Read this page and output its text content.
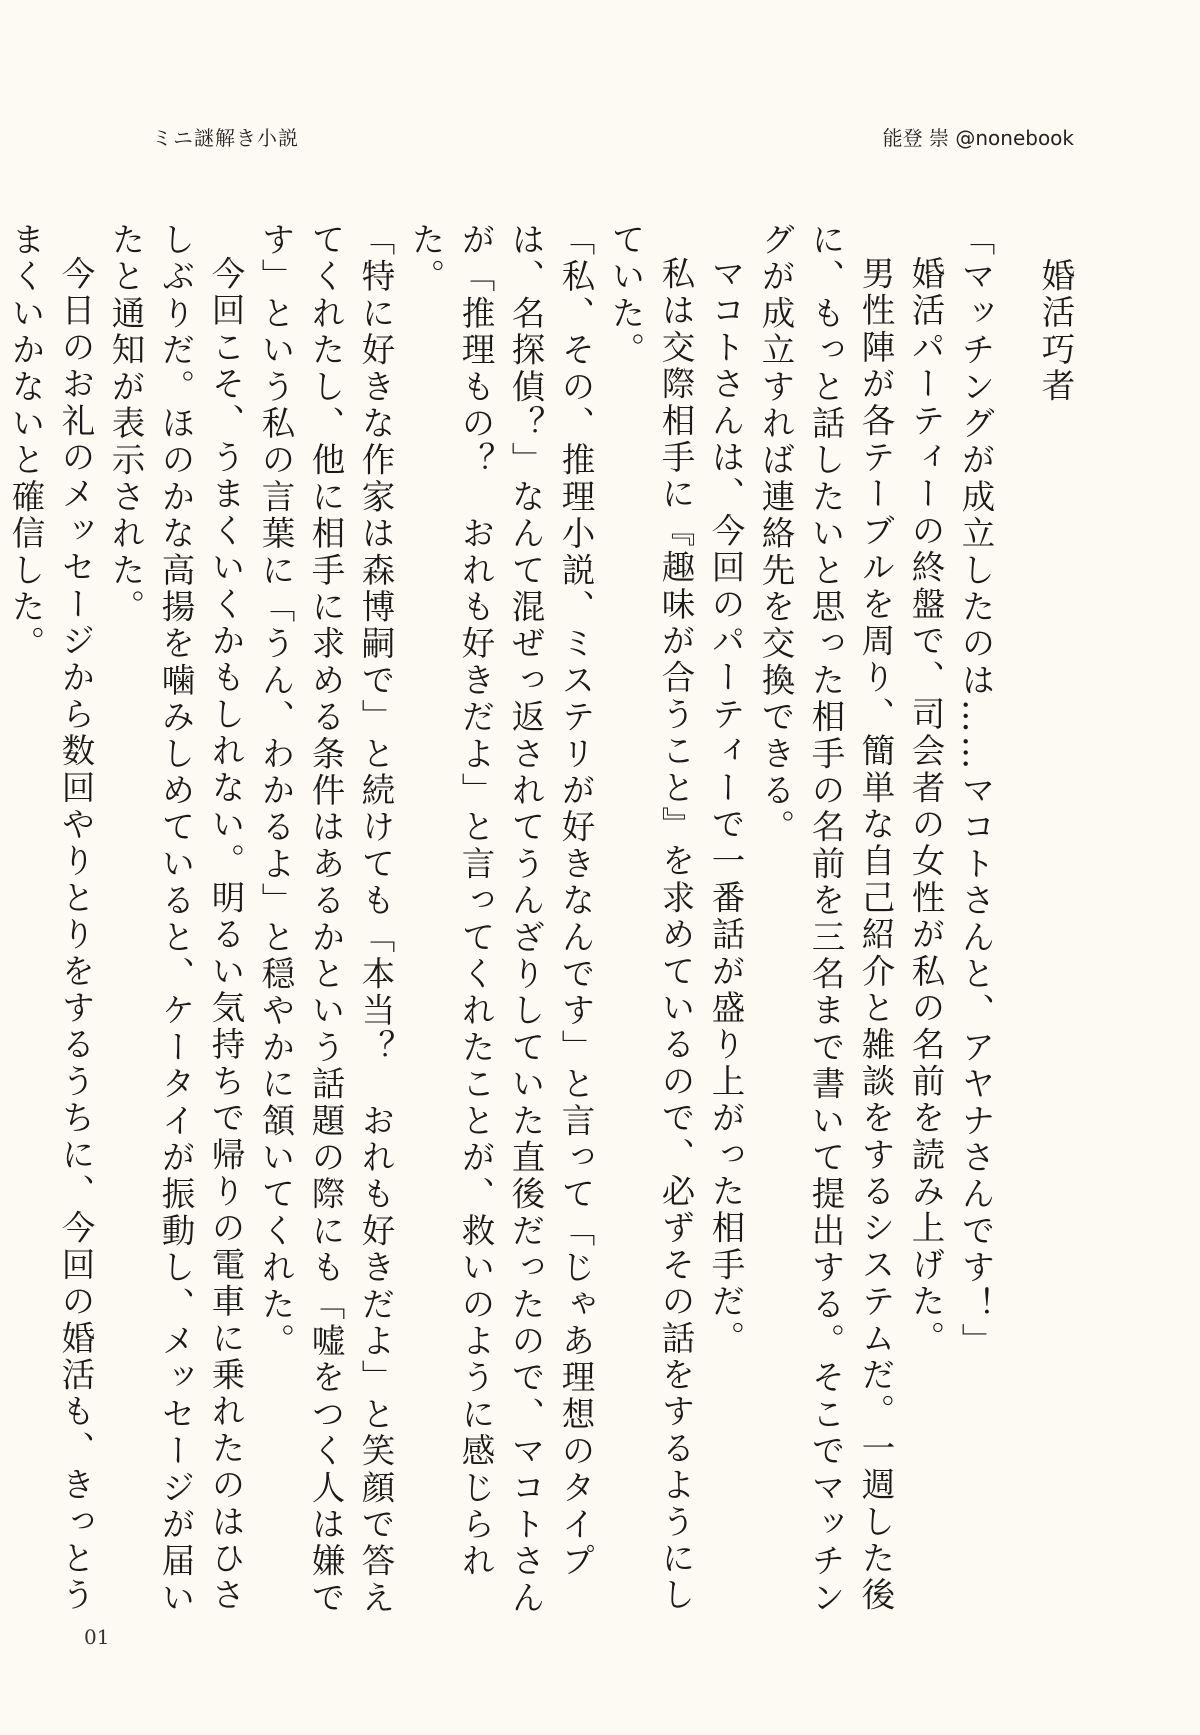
ミニ謎解き小説	能登 崇 @nonebook
婚活巧者

「マッチングが成立したのは……マコトさんと、アヤナさんです！」

婚活パーティーの終盤で、司会者の女性が私の名前を読み上げた。

男性陣が各テーブルを周り、簡単な自己紹介と雑談をするシステムだ。一週した後に、もっと話したいと思った相手の名前を三名まで書いて提出する。そこでマッチングが成立すれば連絡先を交換できる。

マコトさんは、今回のパーティーで一番話が盛り上がった相手だ。

私は交際相手に『趣味が合うこと』を求めているので、必ずその話をするようにしていた。

「私、その、推理小説、ミステリが好きなんです」と言って「じゃあ理想のタイプは、名探偵？」なんて混ぜっ返されてうんざりしていた直後だったので、マコトさんが「推理もの？　おれも好きだよ」と言ってくれたことが、救いのように感じられた。

「特に好きな作家は森博嗣で」と続けても「本当？　おれも好きだよ」と笑顔で答えてくれたし、他に相手に求める条件はあるかという話題の際にも「嘘をつく人は嫌です」という私の言葉に「うん、わかるよ」と穏やかに頷いてくれた。

今回こそ、うまくいくかもしれない。明るい気持ちで帰りの電車に乗れたのはひさしぶりだ。ほのかな高揚を噛みしめていると、ケータイが振動し、メッセージが届いたと通知が表示された。

今日のお礼のメッセージから数回やりとりをするうちに、今回の婚活も、きっとうまくいかないと確信した。

01
